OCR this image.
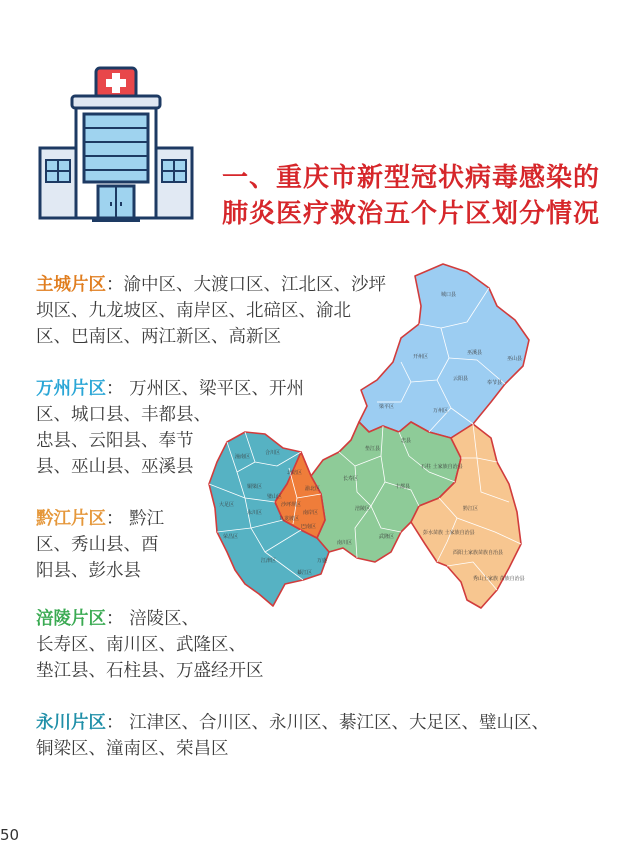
一、重庆市新型冠状病毒感染的
肺炎医疗救治五个片区划分情况
主城片区：渝中区、大渡口区、江北区、沙坪
坝区、九龙坡区、南岸区、北碚区、渝北
区、巴南区、两江新区、高新区
万州片区： 万州区、梁平区、开州
区、城口县、丰都县、
忠县、云阳县、奉节
县、巫山县、巫溪县
黔江片区： 黔江
区、秀山县、酉
阳县、彭水县
涪陵片区： 涪陵区、
长寿区、南川区、武隆区、
垫江县、石柱县、万盛经开区
永川片区： 江津区、合川区、永川区、綦江区、大足区、璧山区、
铜梁区、潼南区、荣昌区
城口县
巫溪县
开州区
云阳县
巫山县
奉节县
万州区
梁平区
忠县
石柱 土家族自治县
丰都县
垫江县
长寿区
涪陵区
武隆区
南川区
黔江区
彭水苗族 土家族自治县
酉阳土家族苗族自治县
秀山土家族 苗族自治县
潼南区
合川区
铜梁区
大足区
荣昌区
永川区
璧山区
江津区
綦江区
北碚区
渝北区
沙坪坝区
九龙坡区
南岸区
巴南区
万盛
50
